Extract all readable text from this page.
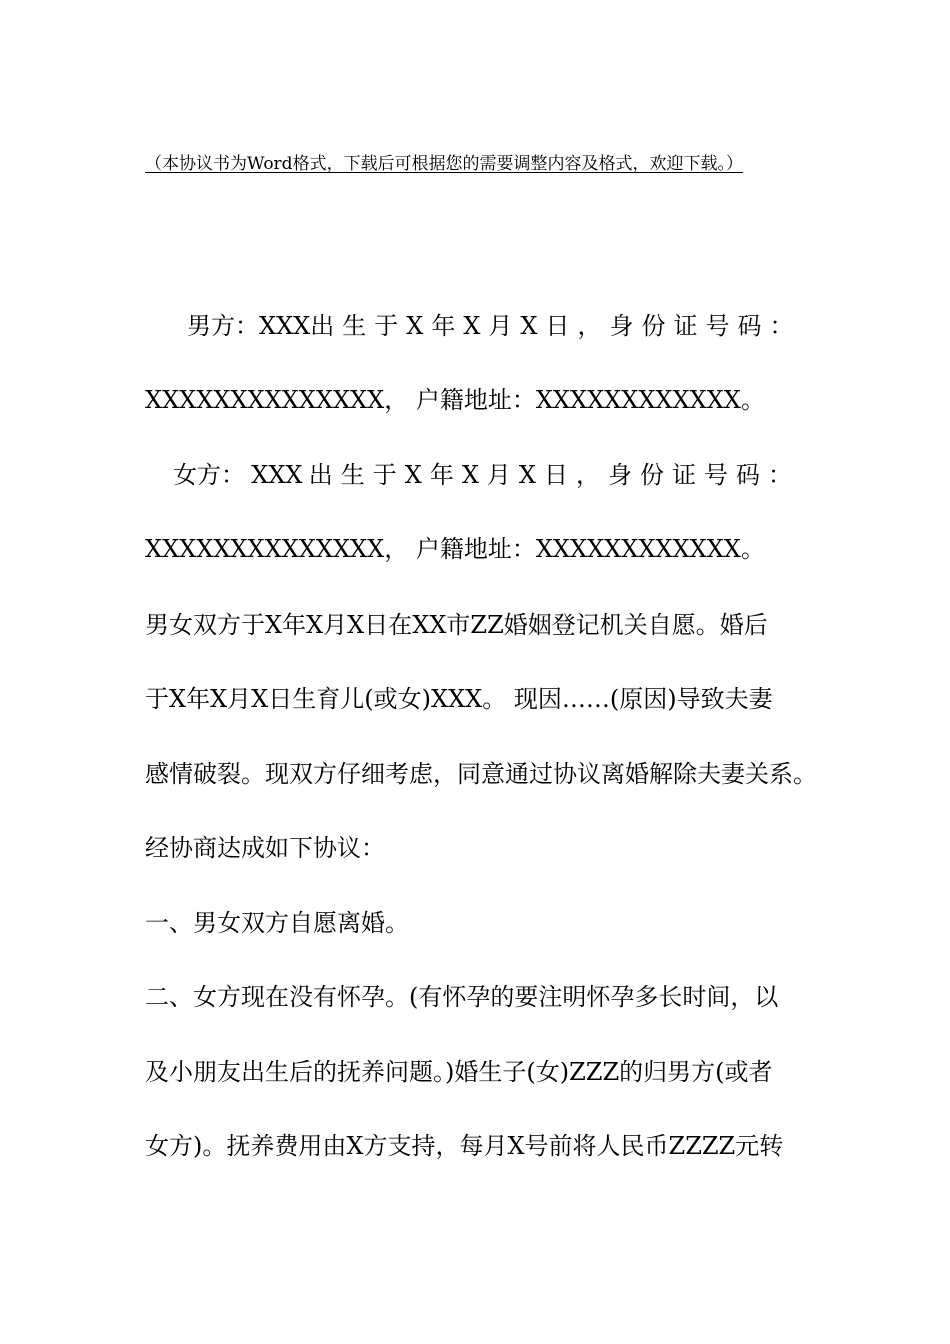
（本协议书为Word格式，下载后可根据您的需要调整内容及格式，欢迎下载。）
男方： XXX 出生于X年X月X日，身份证号码：
XXXXXXXXXXXXXX， 户籍地址：XXXXXXXXXXXX。
女方： XXX 出生于X年X月X日，身份证号码：
XXXXXXXXXXXXXX， 户籍地址：XXXXXXXXXXXX。
男女双方于X年X月X日在XX市ZZ婚姻登记机关自愿。婚后
于X年X月X日生育儿(或女)XXX。 现因……(原因)导致夫妻
感情破裂。现双方仔细考虑，同意通过协议离婚解除夫妻关系。
经协商达成如下协议：
一、男女双方自愿离婚。
二、女方现在没有怀孕。(有怀孕的要注明怀孕多长时间，以
及小朋友出生后的抚养问题。)婚生子(女)ZZZ的归男方(或者
女方)。抚养费用由X方支持，每月X号前将人民币ZZZZ元转
